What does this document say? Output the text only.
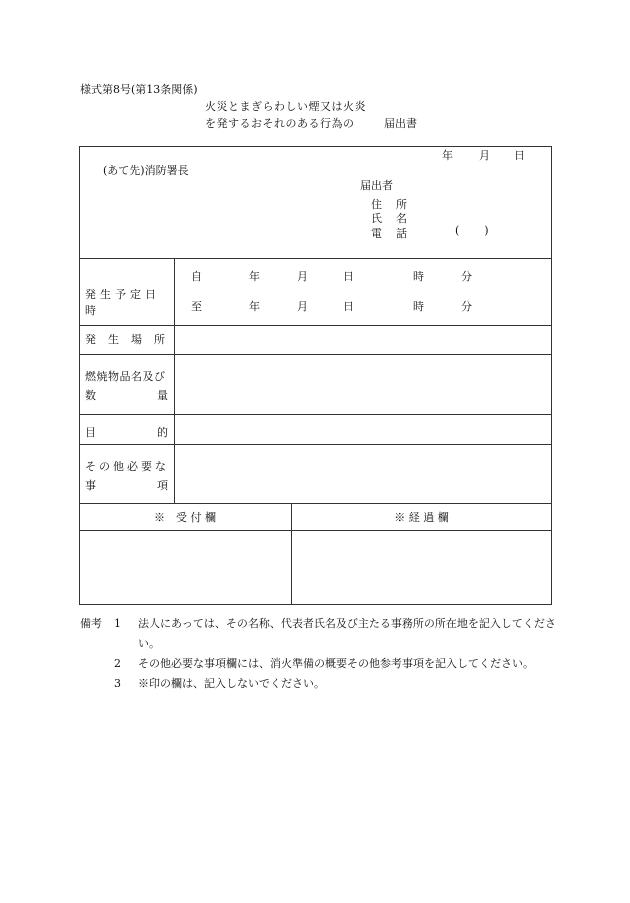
様式第8号(第13条関係)
火災とまぎらわしい煙又は火炎
を発するおそれのある行為の	届出書
年 月 日
(あて先)消防署長
届出者
住 所
氏 名
電 話	(　　)
発生予定日時
自	年	月	日	時	分
至	年	月	日	時	分
発生場所
燃焼物品名及び
数	量
目	的
その他必要な
事	項
※　受 付 欄	※ 経 過 欄
備考	1	法人にあっては、その名称、代表者氏名及び主たる事務所の所在地を記入してください。
2	その他必要な事項欄には、消火準備の概要その他参考事項を記入してください。
3	※印の欄は、記入しないでください。
